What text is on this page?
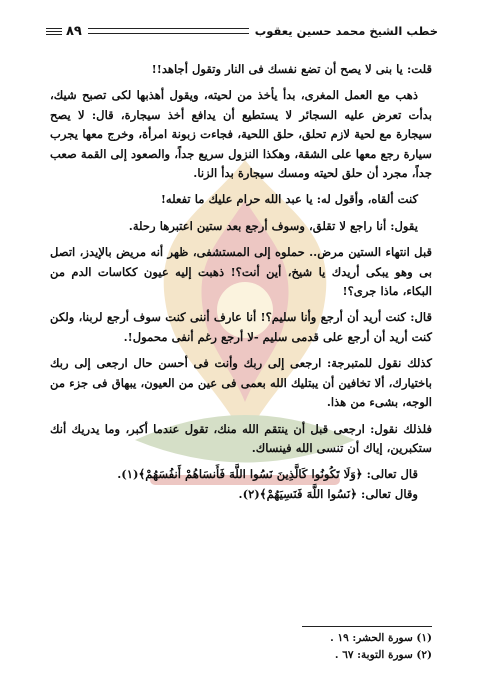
خطب الشيخ محمد حسين يعقوب
٨٩

قلت: يا بنى لا يصح أن تضع نفسك فى النار وتقول أجاهد!!

ذهب مع العمل المغرى، بدأ يأخذ من لحيته، ويقول أهذبها لكى تصبح شيك، بدأت تعرض عليه السجائر لا يستطيع أن يدافع أخذ سيجارة، قال: لا يصح سيجارة مع لحية لازم تحلق، حلق اللحية، فجاءت زبونة امرأة، وخرج معها يجرب سيارة رجع معها على الشقة، وهكذا النزول سريع جداً، والصعود إلى القمة صعب جداً، مجرد أن حلق لحيته ومسك سيجارة بدأ الزنا.

كنت ألقاه، وأقول له: يا عبد الله حرام عليك ما تفعله!

يقول: أنا راجع لا تقلق، وسوف أرجع بعد ستين اعتبرها رحلة.

قبل انتهاء الستين مرض.. حملوه إلى المستشفى، ظهر أنه مريض بالإيدز، اتصل بى وهو يبكى أريدك يا شيخ، أين أنت؟! ذهبت إليه عيون ككاسات الدم من البكاء، ماذا جرى؟!

قال: كنت أريد أن أرجع وأنا سليم؟! أنا عارف أننى كنت سوف أرجع لربنا، ولكن كنت أريد أن أرجع على قدمى سليم -لا أرجع رغم أنفى محمول!.

كذلك نقول للمتبرجة: ارجعى إلى ربك وأنت فى أحسن حال ارجعى إلى ربك باختيارك، ألا تخافين أن يبتليك الله بعمى فى عين من العيون، يبهاق فى جزء من الوجه، بشىء من هذا.

فلذلك نقول: ارجعى قبل أن ينتقم الله منك، تقول عندما أكبر، وما يدريك أنك ستكبرين، إياك أن تنسى الله فينساك.

قال تعالى: ﴿وَلَا تَكُونُوا كَالَّذِينَ نَسُوا اللَّهَ فَأَنسَاهُمْ أَنفُسَهُمْ﴾(١).

وقال تعالى: ﴿نَسُوا اللَّهَ فَنَسِيَهُمْ﴾(٢).

(١) سورة الحشر: ١٩ .
(٢) سورة التوبة: ٦٧ .
